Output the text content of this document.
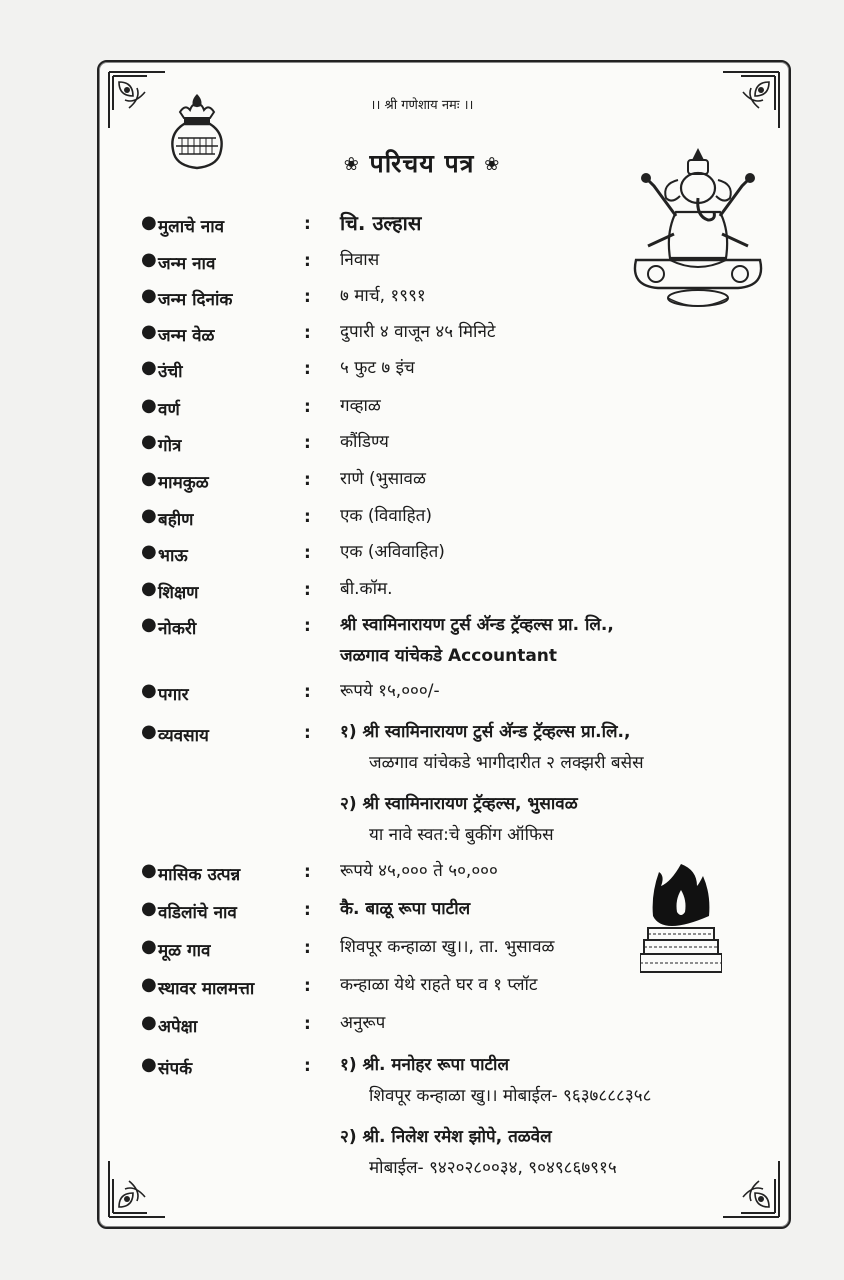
।। श्री गणेशाय नमः ।।
❀ परिचय पत्र ❀
● मुलाचे नाव	: चि. उल्हास
● जन्म नाव	: निवास
● जन्म दिनांक	: ७ मार्च, १९९१
● जन्म वेळ	: दुपारी ४ वाजून ४५ मिनिटे
● उंची	: ५ फुट ७ इंच
● वर्ण	: गव्हाळ
● गोत्र	: कौंडिण्य
● मामकुळ	: राणे (भुसावळ
● बहीण	: एक (विवाहित)
● भाऊ	: एक (अविवाहित)
● शिक्षण	: बी.कॉम.
● नोकरी	: श्री स्वामिनारायण टुर्स अ‍ॅन्ड ट्रॅव्हल्स प्रा. लि.,
जळगाव यांचेकडे Accountant
● पगार	: रूपये १५,०००/-
● व्यवसाय	: १) श्री स्वामिनारायण टुर्स अ‍ॅन्ड ट्रॅव्हल्स प्रा.लि.,
जळगाव यांचेकडे भागीदारीत २ लक्झरी बसेस
२) श्री स्वामिनारायण ट्रॅव्हल्स, भुसावळ
या नावे स्वत:चे बुकींग ऑफिस
● मासिक उत्पन्न	: रूपये ४५,००० ते ५०,०००
● वडिलांचे नाव	: कै. बाळू रूपा पाटील
● मूळ गाव	: शिवपूर कन्हाळा खु।।, ता. भुसावळ
● स्थावर मालमत्ता	: कन्हाळा येथे राहते घर व १ प्लॉट
● अपेक्षा	: अनुरूप
● संपर्क	: १) श्री. मनोहर रूपा पाटील
शिवपूर कन्हाळा खु।। मोबाईल- ९६३७८८८३५८
२) श्री. निलेश रमेश झोपे, तळवेल
मोबाईल- ९४२०२८००३४, ९०४९८६७९१५
